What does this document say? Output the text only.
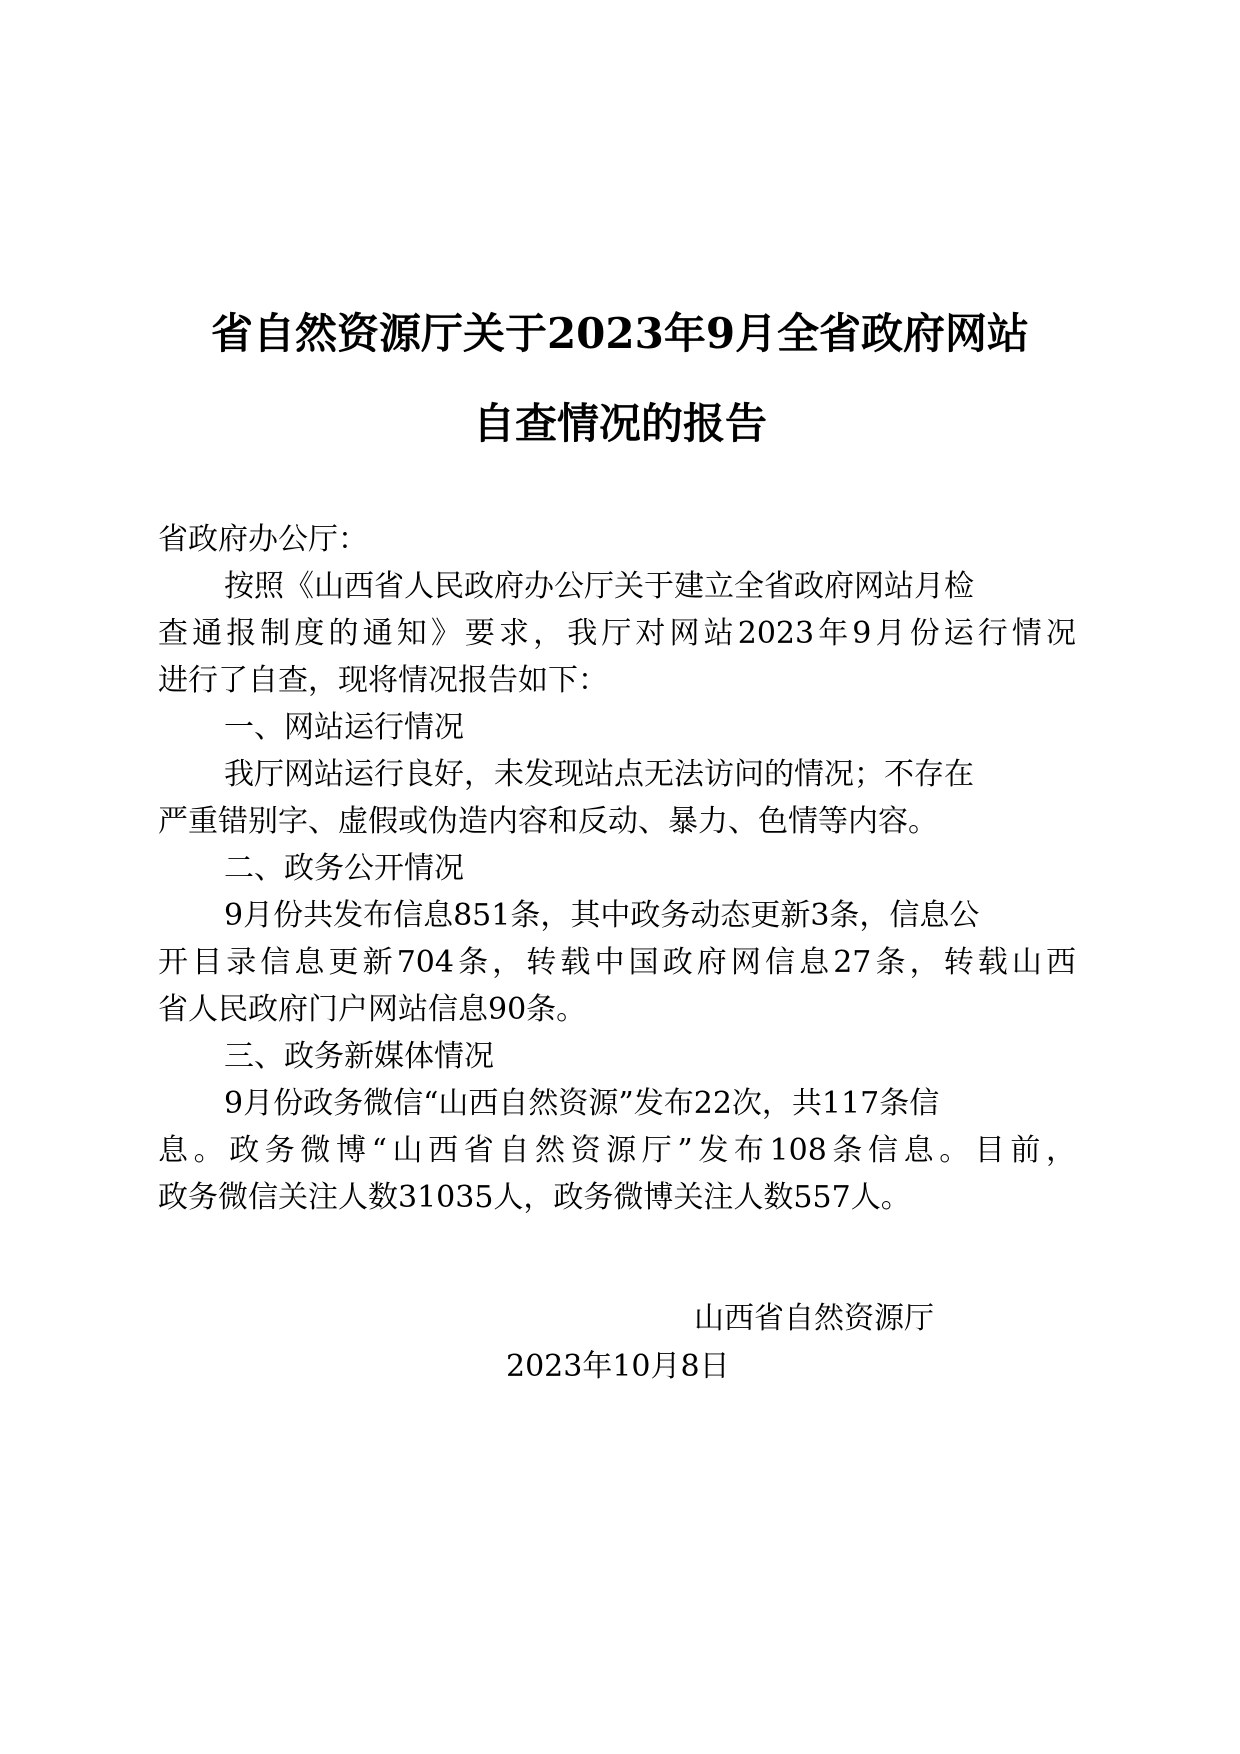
省自然资源厅关于2023年9月全省政府网站
自查情况的报告
省政府办公厅：
按照《山西省人民政府办公厅关于建立全省政府网站月检
查通报制度的通知》要求，我厅对网站2023年9月份运行情况
进行了自查，现将情况报告如下：
一、网站运行情况
我厅网站运行良好，未发现站点无法访问的情况；不存在
严重错别字、虚假或伪造内容和反动、暴力、色情等内容。
二、政务公开情况
9月份共发布信息851条，其中政务动态更新3条，信息公
开目录信息更新704条，转载中国政府网信息27条，转载山西
省人民政府门户网站信息90条。
三、政务新媒体情况
9月份政务微信“山西自然资源”发布22次，共117条信
息。政务微博“山西省自然资源厅”发布108条信息。目前，
政务微信关注人数31035人，政务微博关注人数557人。
山西省自然资源厅
2023年10月8日
